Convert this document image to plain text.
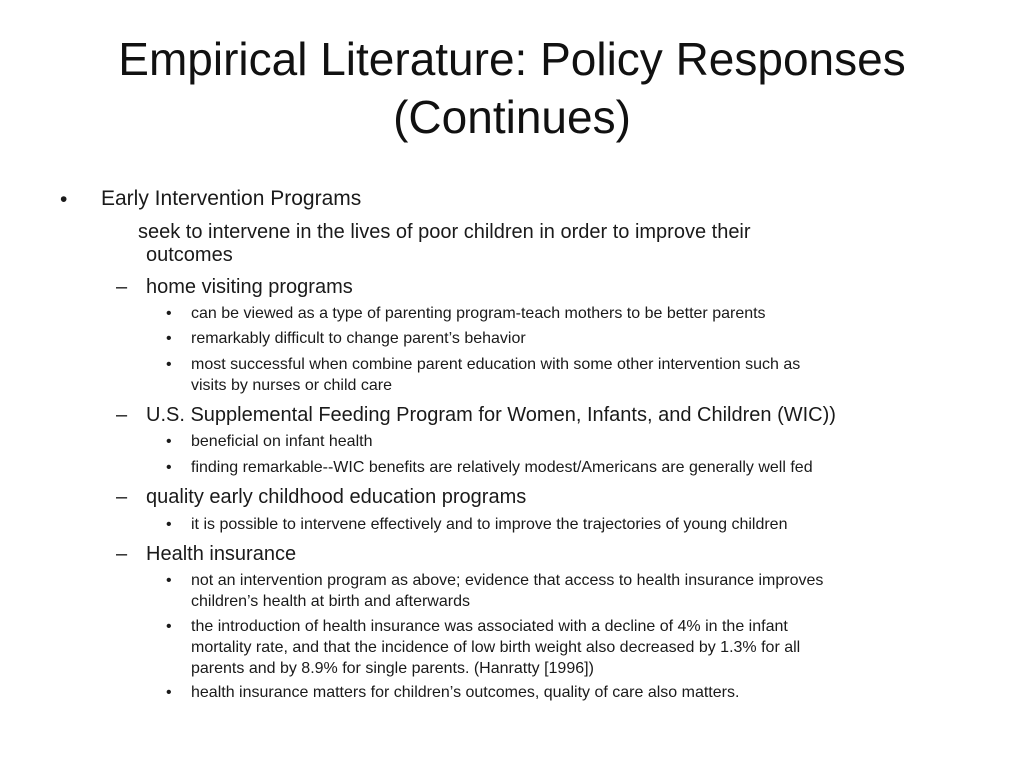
Empirical Literature: Policy Responses
(Continues)
• Early Intervention Programs
seek to intervene in the lives of poor children in order to improve their
outcomes
– home visiting programs
• can be viewed as a type of parenting program-teach mothers to be better parents
• remarkably difficult to change parent’s behavior
• most successful when combine parent education with some other intervention such as
visits by nurses or child care
– U.S. Supplemental Feeding Program for Women, Infants, and Children (WIC))
• beneficial on infant health
• finding remarkable--WIC benefits are relatively modest/Americans are generally well fed
– quality early childhood education programs
• it is possible to intervene effectively and to improve the trajectories of young children
– Health insurance
• not an intervention program as above; evidence that access to health insurance improves
children’s health at birth and afterwards
• the introduction of health insurance was associated with a decline of 4% in the infant
mortality rate, and that the incidence of low birth weight also decreased by 1.3% for all
parents and by 8.9% for single parents. (Hanratty [1996])
• health insurance matters for children’s outcomes, quality of care also matters.
